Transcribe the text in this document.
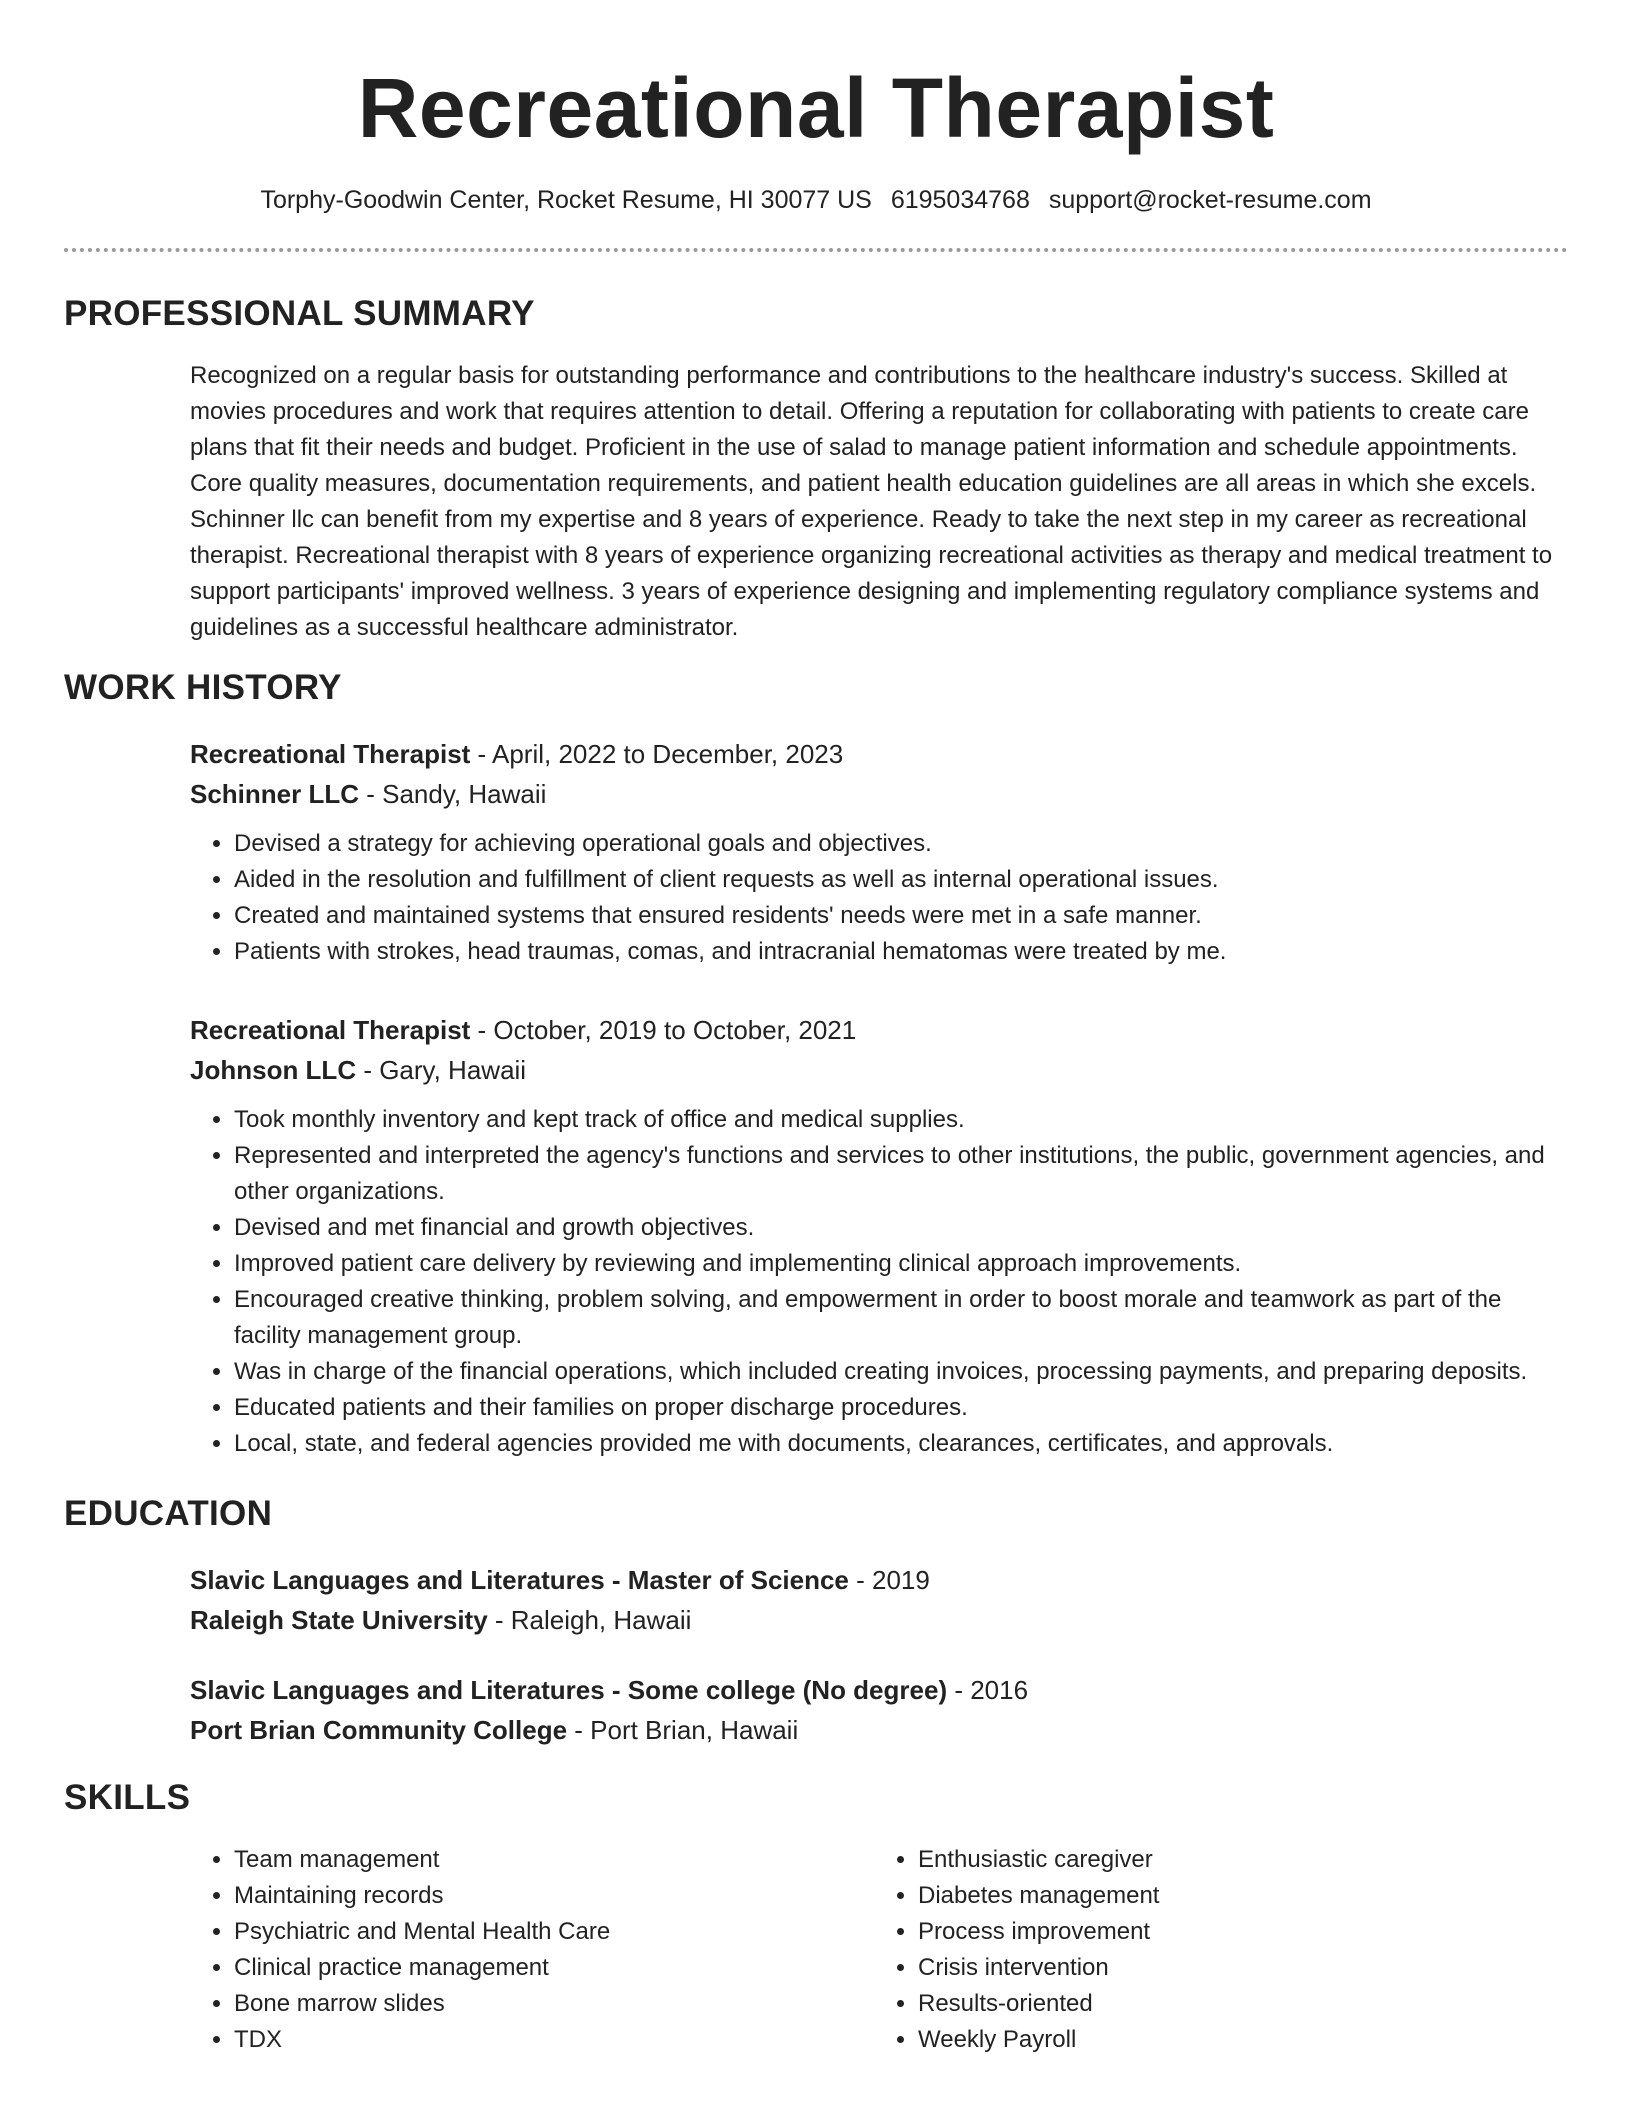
Recreational Therapist
Torphy-Goodwin Center, Rocket Resume, HI 30077 US 6195034768 support@rocket-resume.com
PROFESSIONAL SUMMARY
Recognized on a regular basis for outstanding performance and contributions to the healthcare industry's success. Skilled at movies procedures and work that requires attention to detail. Offering a reputation for collaborating with patients to create care plans that fit their needs and budget. Proficient in the use of salad to manage patient information and schedule appointments. Core quality measures, documentation requirements, and patient health education guidelines are all areas in which she excels. Schinner llc can benefit from my expertise and 8 years of experience. Ready to take the next step in my career as recreational therapist. Recreational therapist with 8 years of experience organizing recreational activities as therapy and medical treatment to support participants' improved wellness. 3 years of experience designing and implementing regulatory compliance systems and guidelines as a successful healthcare administrator.
WORK HISTORY
Recreational Therapist - April, 2022 to December, 2023
Schinner LLC - Sandy, Hawaii
• Devised a strategy for achieving operational goals and objectives.
• Aided in the resolution and fulfillment of client requests as well as internal operational issues.
• Created and maintained systems that ensured residents' needs were met in a safe manner.
• Patients with strokes, head traumas, comas, and intracranial hematomas were treated by me.
Recreational Therapist - October, 2019 to October, 2021
Johnson LLC - Gary, Hawaii
• Took monthly inventory and kept track of office and medical supplies.
• Represented and interpreted the agency's functions and services to other institutions, the public, government agencies, and other organizations.
• Devised and met financial and growth objectives.
• Improved patient care delivery by reviewing and implementing clinical approach improvements.
• Encouraged creative thinking, problem solving, and empowerment in order to boost morale and teamwork as part of the facility management group.
• Was in charge of the financial operations, which included creating invoices, processing payments, and preparing deposits.
• Educated patients and their families on proper discharge procedures.
• Local, state, and federal agencies provided me with documents, clearances, certificates, and approvals.
EDUCATION
Slavic Languages and Literatures - Master of Science - 2019
Raleigh State University - Raleigh, Hawaii
Slavic Languages and Literatures - Some college (No degree) - 2016
Port Brian Community College - Port Brian, Hawaii
SKILLS
• Team management
• Maintaining records
• Psychiatric and Mental Health Care
• Clinical practice management
• Bone marrow slides
• TDX
• Enthusiastic caregiver
• Diabetes management
• Process improvement
• Crisis intervention
• Results-oriented
• Weekly Payroll
